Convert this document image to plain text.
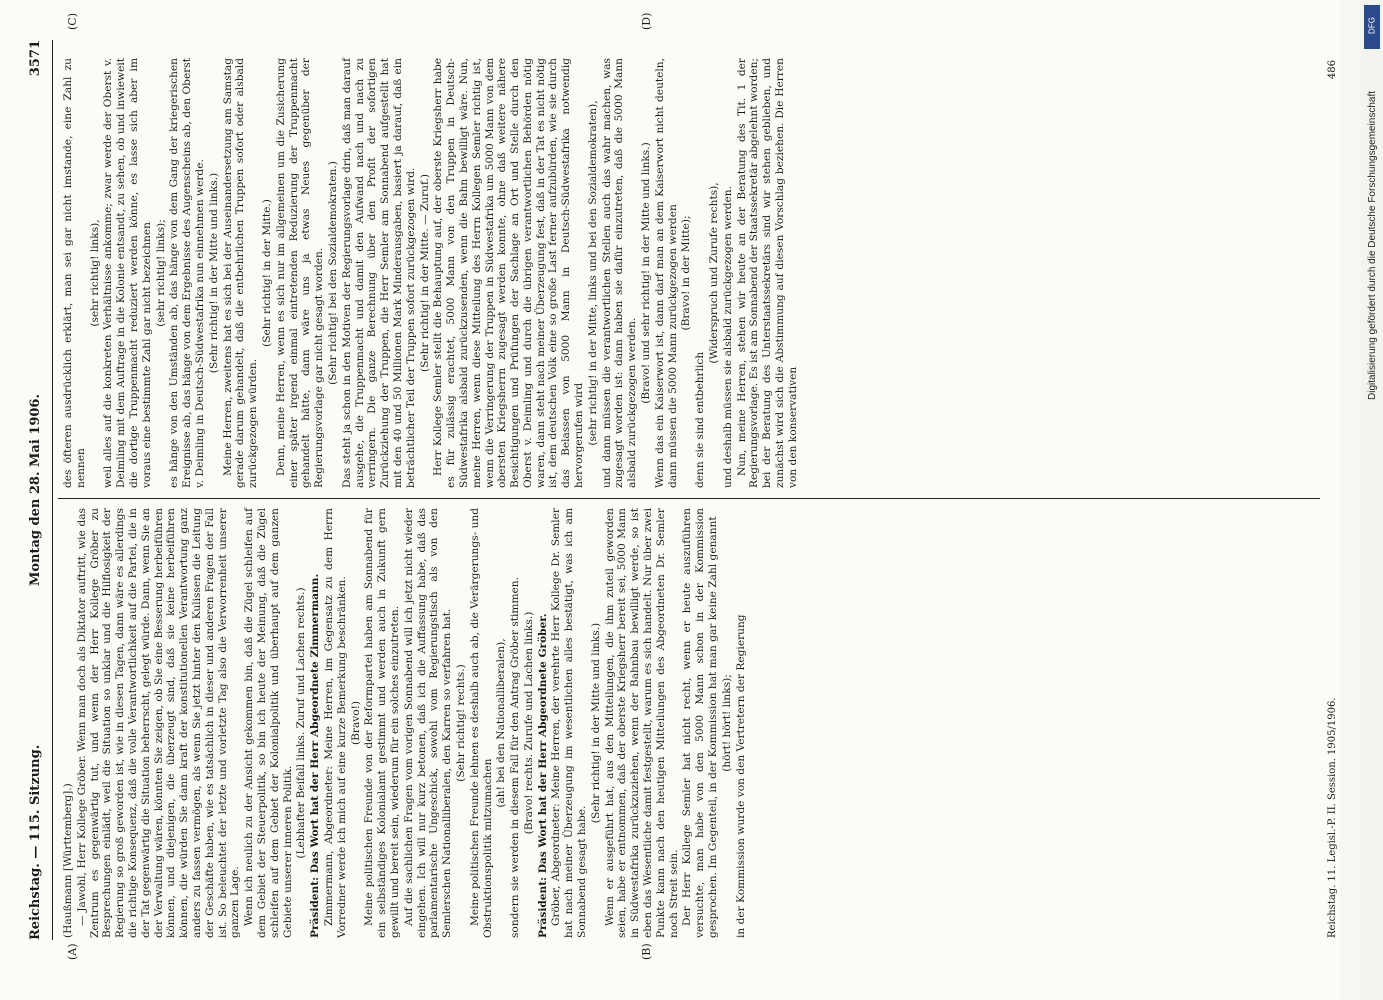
Reichstag. — 115. Sitzung.
Montag den 28. Mai 1906.
3571
(A)	(B)
(C)	(D)

(Haußmann [Württemberg].) — Jawohl, Herr Kollege Gröber. Wenn man doch als Diktator auftritt, wie das Zentrum es gegenwärtig tut, und wenn der Herr Kollege Gröber zu Besprechungen einlädt, weil die Situation so unklar und die Hilflosigkeit der Regierung so groß geworden ist, wie in diesen Tagen, dann wäre es allerdings die richtige Konsequenz, daß die volle Verantwortlichkeit auf die Partei, die in der Tat gegenwärtig die Situation beherrscht, gelegt würde. Dann, wenn Sie an der Verwaltung wären, könnten Sie zeigen, ob Sie eine Besserung herbeiführen können, und diejenigen, die überzeugt sind, daß sie keine herbeiführen können, die würden Sie dann kraft der konstitutionellen Verantwortung ganz anders zu fassen vermögen, als wenn Sie jetzt hinter den Kulissen die Leitung der Geschäfte haben, wie es tatsächlich in dieser und anderen Fragen der Fall ist. So beleuchtet der letzte und vorletzte Tag also die Verworrenheit unserer ganzen Lage. Wenn ich neulich zu der Ansicht gekommen bin, daß die Zügel schleifen auf dem Gebiet der Steuerpolitik, so bin ich heute der Meinung, daß die Zügel schleifen auf dem Gebiet der Kolonialpolitik und überhaupt auf dem ganzen Gebiete unserer inneren Politik. (Lebhafter Beifall links. Zuruf und Lachen rechts.) Präsident: Das Wort hat der Herr Abgeordnete Zimmermann. Zimmermann, Abgeordneter: Meine Herren, im Gegensatz zu dem Herrn Vorredner werde ich mich auf eine kurze Bemerkung beschränken. (Bravo!) Meine politischen Freunde von der Reformpartei haben am Sonnabend für ein selbständiges Kolonialamt gestimmt und werden auch in Zukunft gern gewillt und bereit sein, wiederum für ein solches einzutreten. Auf die sachlichen Fragen vom vorigen Sonnabend will ich jetzt nicht wieder eingehen. Ich will nur kurz betonen, daß ich die Auffassung habe, daß das parlamentarische Ungeschick, sowohl vom Regierungstisch als von den Semlerschen Nationalliberalen, den Karren so verfahren hat. (Sehr richtig! rechts.) Meine politischen Freunde lehnen es deshalb auch ab, die Verärgerungs- und Obstruktionspolitik mitzumachen

(ah! bei den Nationalliberalen), sondern sie werden in diesem Fall für den Antrag Gröber stimmen. (Bravo! rechts. Zurufe und Lachen links.) Präsident: Das Wort hat der Herr Abgeordnete Gröber. Gröber, Abgeordneter: Meine Herren, der verehrte Herr Kollege Dr. Semler hat nach meiner Überzeugung im wesentlichen alles bestätigt, was ich am Sonnabend gesagt habe.

(Sehr richtig! in der Mitte und links.) Wenn er ausgeführt hat, aus den Mitteilungen, die ihm zuteil geworden seien, habe er entnommen, daß der oberste Kriegsherr bereit sei, 5000 Mann in Südwestafrika zurückzuziehen, wenn der Bahnbau bewilligt werde, so ist eben das Wesentliche damit festgestellt, warum es sich handelt. Nur über zwei Punkte kann nach den heutigen Mitteilungen des Abgeordneten Dr. Semler noch Streit sein. Der Herr Kollege Semler hat nicht recht, wenn er heute auszuführen versuchte, man habe von den 5000 Mann schon in der Kommission gesprochen. Im Gegenteil, in der Kommission hat man gar keine Zahl genannt (hört! hört! links); in der Kommission wurde von den Vertretern der Regierung

des öfteren ausdrücklich erklärt, man sei gar nicht imstande, eine Zahl zu nennen

(sehr richtig! links), weil alles auf die konkreten Verhältnisse ankomme; zwar werde der Oberst v. Deimling mit dem Auftrage in die Kolonie entsandt, zu sehen, ob und inwieweit die dortige Truppenmacht reduziert werden könne, es lasse sich aber im voraus eine bestimmte Zahl gar nicht bezeichnen (sehr richtig! links); es hänge von den Umständen ab, das hänge von dem Gang der kriegerischen Ereignisse ab, das hänge von dem Ergebnisse des Augenscheins ab, den Oberst v. Deimling in Deutsch-Südwestafrika nun einnehmen werde. (Sehr richtig! in der Mitte und links.) Meine Herren, zweitens hat es sich bei der Auseinandersetzung am Samstag gerade darum gehandelt, daß die entbehrlichen Truppen sofort oder alsbald zurückgezogen würden.

(Sehr richtig! in der Mitte.) Denn, meine Herren, wenn es sich nur im allgemeinen um die Zusicherung einer später irgend einmal eintretenden Reduzierung der Truppenmacht gehandelt hätte, dann wäre uns ja etwas Neues gegenüber der Regierungsvorlage gar nicht gesagt worden. (Sehr richtig! bei den Sozialdemokraten.) Das steht ja schon in den Motiven der Regierungsvorlage drin, daß man darauf ausgehe, die Truppenmacht und damit den Aufwand nach und nach zu verringern. Die ganze Berechnung über den Profit der sofortigen Zurückziehung der Truppen, die Herr Semler am Sonnabend aufgestellt hat mit den 40 und 50 Millionen Mark Minderausgaben, basiert ja darauf, daß ein beträchtlicher Teil der Truppen sofort zurückgezogen wird. (Sehr richtig! in der Mitte. — Zuruf.) Herr Kollege Semler stellt die Behauptung auf, der oberste Kriegsherr habe es für zulässig erachtet, 5000 Mann von den Truppen in Deutsch-Südwestafrika alsbald zurückzusenden, wenn die Bahn bewilligt wäre. Nun, meine Herren, wenn diese Mitteilung des Herrn Kollegen Semler richtig ist, wenn die Verringerung der Truppen in Südwestafrika um 5000 Mann von dem obersten Kriegsherrn zugesagt werden konnte, ohne daß weitere nähere Besichtigungen und Prüfungen der Sachlage an Ort und Stelle durch den Oberst v. Deimling und durch die übrigen verantwortlichen Behörden nötig waren, dann steht nach meiner Überzeugung fest, daß in der Tat es nicht nötig ist, dem deutschen Volk eine so große Last ferner aufzubürden, wie sie durch das Belassen von 5000 Mann in Deutsch-Südwestafrika notwendig hervorgerufen wird (sehr richtig! in der Mitte, links und bei den Sozialdemokraten), und dann müssen die verantwortlichen Stellen auch das wahr machen, was zugesagt worden ist: dann haben sie dafür einzutreten, daß die 5000 Mann alsbald zurückgezogen werden. (Bravo! und sehr richtig! in der Mitte und links.) Wenn das ein Kaiserwort ist, dann darf man an dem Kaiserwort nicht deuteln, dann müssen die 5000 Mann zurückgezogen werden (Bravo! in der Mitte);

denn sie sind entbehrlich

(Widerspruch und Zurufe rechts), und deshalb müssen sie alsbald zurückgezogen werden. Nun, meine Herren, stehen wir heute an der Beratung des Tit. 1 der Regierungsvorlage. Es ist am Sonnabend der Staatssekretär abgelehnt worden; bei der Beratung des Unterstaatssekretärs sind wir stehen geblieben, und zunächst wird sich die Abstimmung auf diesen Vorschlag beziehen. Die Herren von den konservativen

Reichstag. 11. Legisl.-P. II. Session. 1905/1906.
486
DFG
Digitalisierung gefördert durch die Deutsche Forschungsgemeinschaft
